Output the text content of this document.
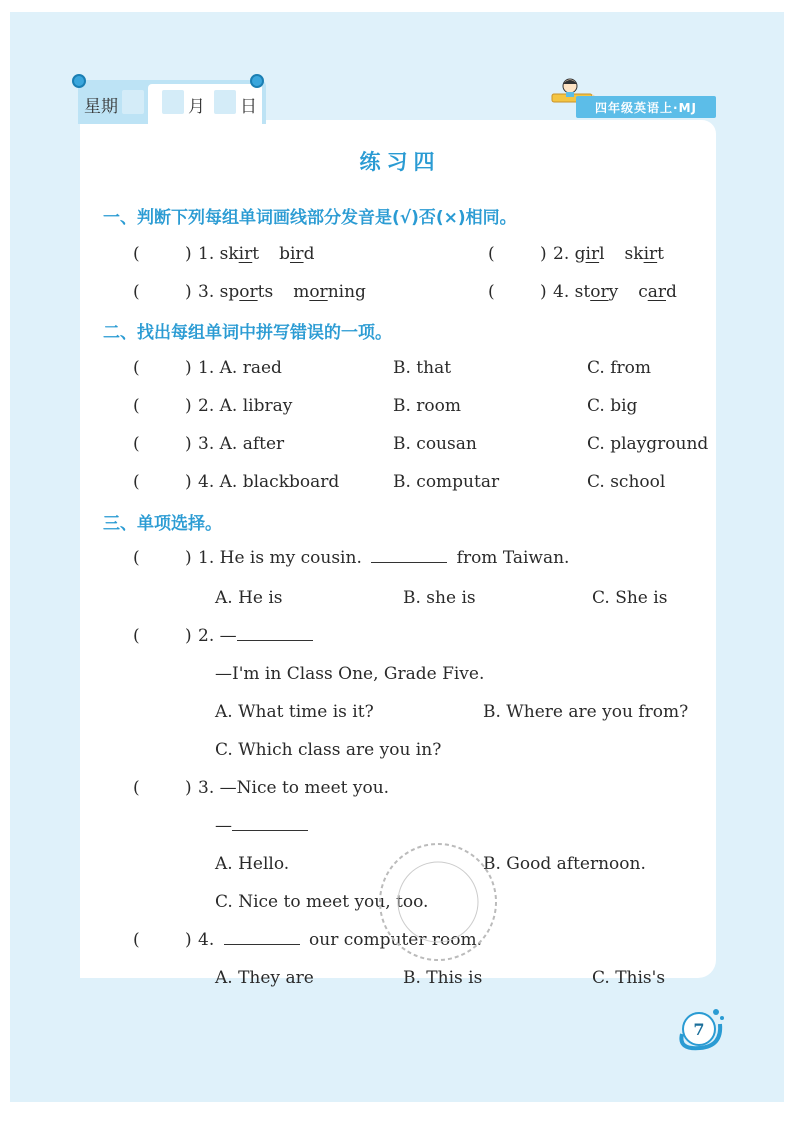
星期	月 日	四年级英语上·MJ
练习四
一、判断下列每组单词画线部分发音是(√)否(×)相同。
(	) 1. skirt bird	(	) 2. girl skirt
(	) 3. sports morning	(	) 4. story card
二、找出每组单词中拼写错误的一项。
(	) 1. A. raed	B. that	C. from
(	) 2. A. libray	B. room	C. big
(	) 3. A. after	B. cousan	C. playground
(	) 4. A. blackboard	B. computar	C. school
三、单项选择。
(	) 1. He is my cousin.	from Taiwan.
A. He is	B. she is	C. She is
(	) 2. —
—I'm in Class One, Grade Five.
A. What time is it?	B. Where are you from?
C. Which class are you in?
(	) 3. —Nice to meet you.
—
A. Hello.	B. Good afternoon.
C. Nice to meet you, too.
(	) 4.	our computer room.
A. They are	B. This is	C. This's
7
